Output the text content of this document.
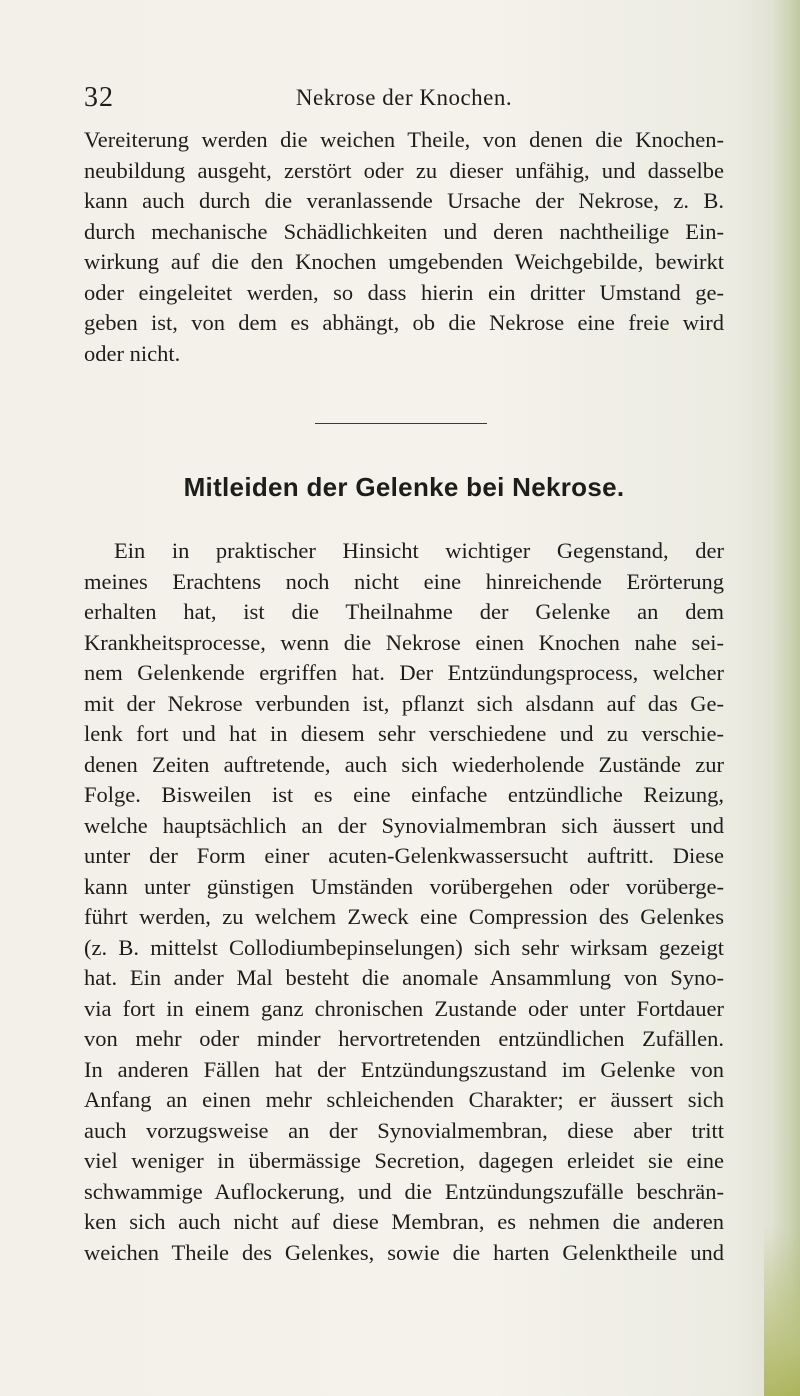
32	Nekrose der Knochen.
Vereiterung werden die weichen Theile, von denen die Knochen-
neubildung ausgeht, zerstört oder zu dieser unfähig, und dasselbe
kann auch durch die veranlassende Ursache der Nekrose, z. B.
durch mechanische Schädlichkeiten und deren nachtheilige Ein-
wirkung auf die den Knochen umgebenden Weichgebilde, bewirkt
oder eingeleitet werden, so dass hierin ein dritter Umstand ge-
geben ist, von dem es abhängt, ob die Nekrose eine freie wird
oder nicht.
Mitleiden der Gelenke bei Nekrose.
Ein in praktischer Hinsicht wichtiger Gegenstand, der
meines Erachtens noch nicht eine hinreichende Erörterung
erhalten hat, ist die Theilnahme der Gelenke an dem
Krankheitsprocesse, wenn die Nekrose einen Knochen nahe sei-
nem Gelenkende ergriffen hat. Der Entzündungsprocess, welcher
mit der Nekrose verbunden ist, pflanzt sich alsdann auf das Ge-
lenk fort und hat in diesem sehr verschiedene und zu verschie-
denen Zeiten auftretende, auch sich wiederholende Zustände zur
Folge. Bisweilen ist es eine einfache entzündliche Reizung,
welche hauptsächlich an der Synovialmembran sich äussert und
unter der Form einer acuten-Gelenkwassersucht auftritt. Diese
kann unter günstigen Umständen vorübergehen oder vorüberge-
führt werden, zu welchem Zweck eine Compression des Gelenkes
(z. B. mittelst Collodiumbepinselungen) sich sehr wirksam gezeigt
hat. Ein ander Mal besteht die anomale Ansammlung von Syno-
via fort in einem ganz chronischen Zustande oder unter Fortdauer
von mehr oder minder hervortretenden entzündlichen Zufällen.
In anderen Fällen hat der Entzündungszustand im Gelenke von
Anfang an einen mehr schleichenden Charakter; er äussert sich
auch vorzugsweise an der Synovialmembran, diese aber tritt
viel weniger in übermässige Secretion, dagegen erleidet sie eine
schwammige Auflockerung, und die Entzündungszufälle beschrän-
ken sich auch nicht auf diese Membran, es nehmen die anderen
weichen Theile des Gelenkes, sowie die harten Gelenktheile und
